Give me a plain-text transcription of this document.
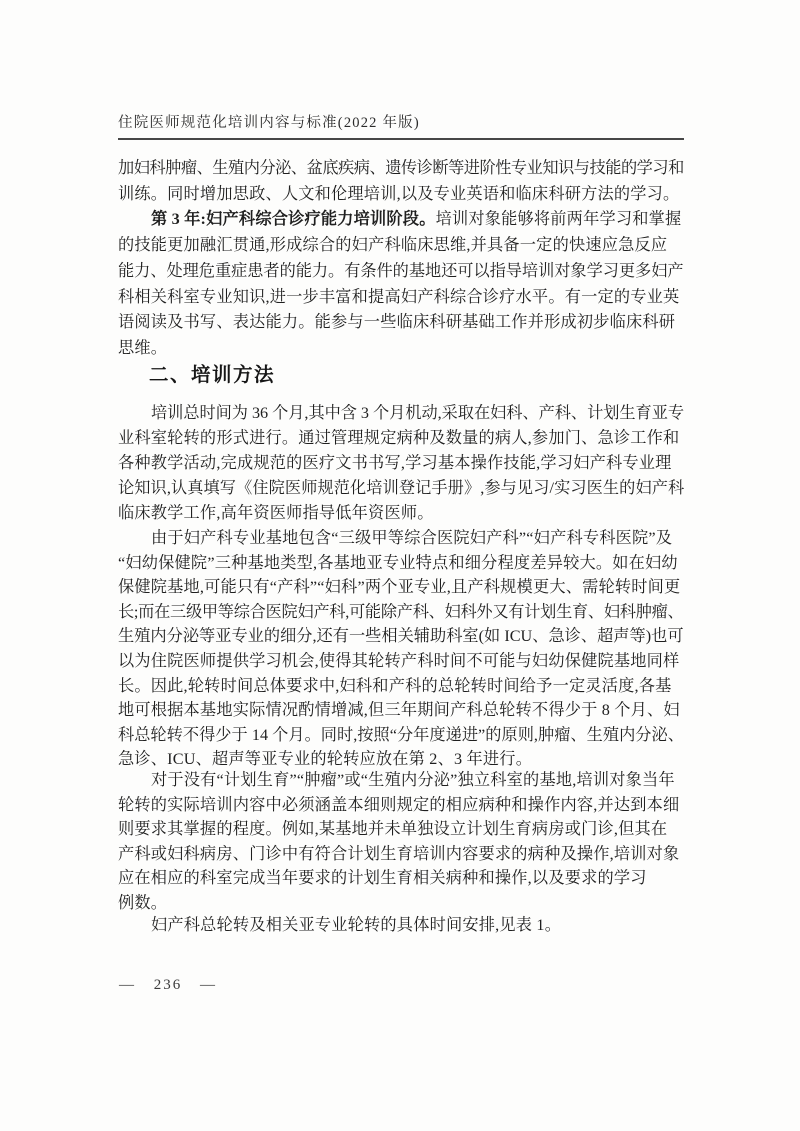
住院医师规范化培训内容与标准(2022 年版)
加妇科肿瘤、生殖内分泌、盆底疾病、遗传诊断等进阶性专业知识与技能的学习和
训练。同时增加思政、人文和伦理培训,以及专业英语和临床科研方法的学习。
第 3 年:妇产科综合诊疗能力培训阶段。培训对象能够将前两年学习和掌握
的技能更加融汇贯通,形成综合的妇产科临床思维,并具备一定的快速应急反应
能力、处理危重症患者的能力。有条件的基地还可以指导培训对象学习更多妇产
科相关科室专业知识,进一步丰富和提高妇产科综合诊疗水平。有一定的专业英
语阅读及书写、表达能力。能参与一些临床科研基础工作并形成初步临床科研
思维。
二、培训方法
培训总时间为 36 个月,其中含 3 个月机动,采取在妇科、产科、计划生育亚专
业科室轮转的形式进行。通过管理规定病种及数量的病人,参加门、急诊工作和
各种教学活动,完成规范的医疗文书书写,学习基本操作技能,学习妇产科专业理
论知识,认真填写《住院医师规范化培训登记手册》,参与见习/实习医生的妇产科
临床教学工作,高年资医师指导低年资医师。
由于妇产科专业基地包含“三级甲等综合医院妇产科”“妇产科专科医院”及
“妇幼保健院”三种基地类型,各基地亚专业特点和细分程度差异较大。如在妇幼
保健院基地,可能只有“产科”“妇科”两个亚专业,且产科规模更大、需轮转时间更
长;而在三级甲等综合医院妇产科,可能除产科、妇科外又有计划生育、妇科肿瘤、
生殖内分泌等亚专业的细分,还有一些相关辅助科室(如 ICU、急诊、超声等)也可
以为住院医师提供学习机会,使得其轮转产科时间不可能与妇幼保健院基地同样
长。因此,轮转时间总体要求中,妇科和产科的总轮转时间给予一定灵活度,各基
地可根据本基地实际情况酌情增减,但三年期间产科总轮转不得少于 8 个月、妇
科总轮转不得少于 14 个月。同时,按照“分年度递进”的原则,肿瘤、生殖内分泌、
急诊、ICU、超声等亚专业的轮转应放在第 2、3 年进行。
对于没有“计划生育”“肿瘤”或“生殖内分泌”独立科室的基地,培训对象当年
轮转的实际培训内容中必须涵盖本细则规定的相应病种和操作内容,并达到本细
则要求其掌握的程度。例如,某基地并未单独设立计划生育病房或门诊,但其在
产科或妇科病房、门诊中有符合计划生育培训内容要求的病种及操作,培训对象
应在相应的科室完成当年要求的计划生育相关病种和操作,以及要求的学习
例数。
妇产科总轮转及相关亚专业轮转的具体时间安排,见表 1。
— 236 —
